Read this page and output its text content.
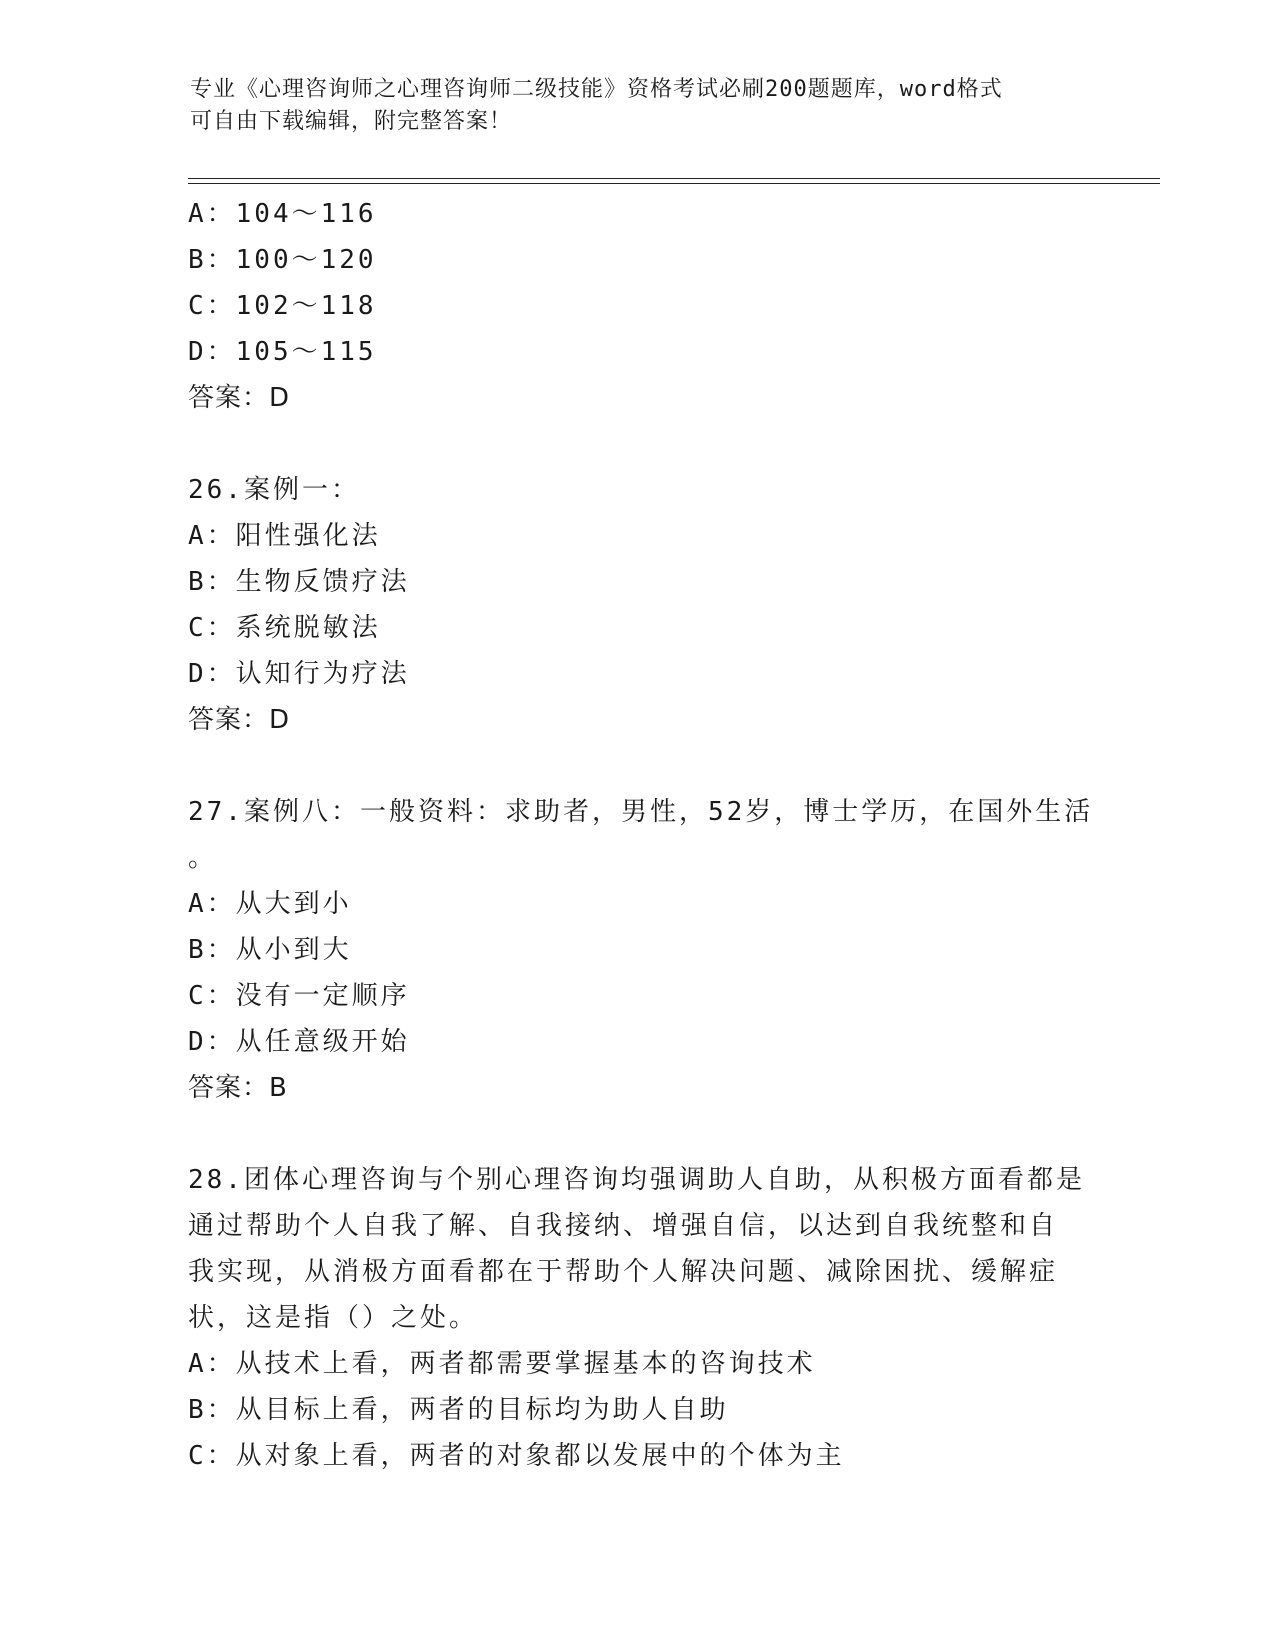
专业《心理咨询师之心理咨询师二级技能》资格考试必刷200题题库，word格式
可自由下载编辑，附完整答案！
A：104～116
B：100～120
C：102～118
D：105～115
答案：D
26.案例一：
A：阳性强化法
B：生物反馈疗法
C：系统脱敏法
D：认知行为疗法
答案：D
27.案例八：一般资料：求助者，男性，52岁，博士学历，在国外生活
。
A：从大到小
B：从小到大
C：没有一定顺序
D：从任意级开始
答案：B
28.团体心理咨询与个别心理咨询均强调助人自助，从积极方面看都是
通过帮助个人自我了解、自我接纳、增强自信，以达到自我统整和自
我实现，从消极方面看都在于帮助个人解决问题、减除困扰、缓解症
状，这是指（）之处。
A：从技术上看，两者都需要掌握基本的咨询技术
B：从目标上看，两者的目标均为助人自助
C：从对象上看，两者的对象都以发展中的个体为主
